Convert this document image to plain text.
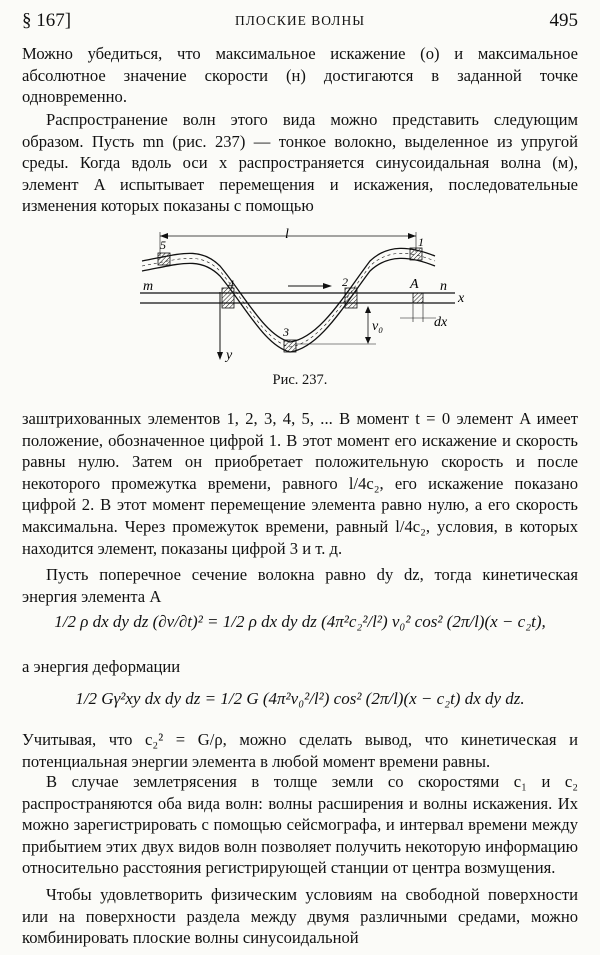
§ 167]	ПЛОСКИЕ ВОЛНЫ	495
Можно убедиться, что максимальное искажение (о) и максимальное абсолютное значение скорости (н) достигаются в заданной точке одновременно.
Распространение волн этого вида можно представить следующим образом. Пусть mn (рис. 237) — тонкое волокно, выделенное из упругой среды. Когда вдоль оси x распространяется синусоидальная волна (м), элемент A испытывает перемещения и искажения, последовательные изменения которых показаны с помощью
l
m	n
x
y
A
v₀	dx
5
4
3
2
1
Рис. 237.
заштрихованных элементов 1, 2, 3, 4, 5, ... В момент t = 0 элемент A имеет положение, обозначенное цифрой 1. В этот момент его искажение и скорость равны нулю. Затем он приобретает положительную скорость и после некоторого промежутка времени, равного l/4c₂, его искажение показано цифрой 2. В этот момент перемещение элемента равно нулю, а его скорость максимальна. Через промежуток времени, равный l/4c₂, условия, в которых находится элемент, показаны цифрой 3 и т. д.
Пусть поперечное сечение волокна равно dy dz, тогда кинетическая энергия элемента A
1/2 ρ dx dy dz (∂v/∂t)² = 1/2 ρ dx dy dz (4π²c₂²/l²) v₀² cos² (2π/l)(x − c₂t),
а энергия деформации
1/2 Gγ²xy dx dy dz = 1/2 G (4π²v₀²/l²) cos² (2π/l)(x − c₂t) dx dy dz.
Учитывая, что c₂² = G/ρ, можно сделать вывод, что кинетическая и потенциальная энергии элемента в любой момент времени равны.
В случае землетрясения в толще земли со скоростями c₁ и c₂ распространяются оба вида волн: волны расширения и волны искажения. Их можно зарегистрировать с помощью сейсмографа, и интервал времени между прибытием этих двух видов волн позволяет получить некоторую информацию относительно расстояния регистрирующей станции от центра возмущения.
Чтобы удовлетворить физическим условиям на свободной поверхности или на поверхности раздела между двумя различными средами, можно комбинировать плоские волны синусоидальной
